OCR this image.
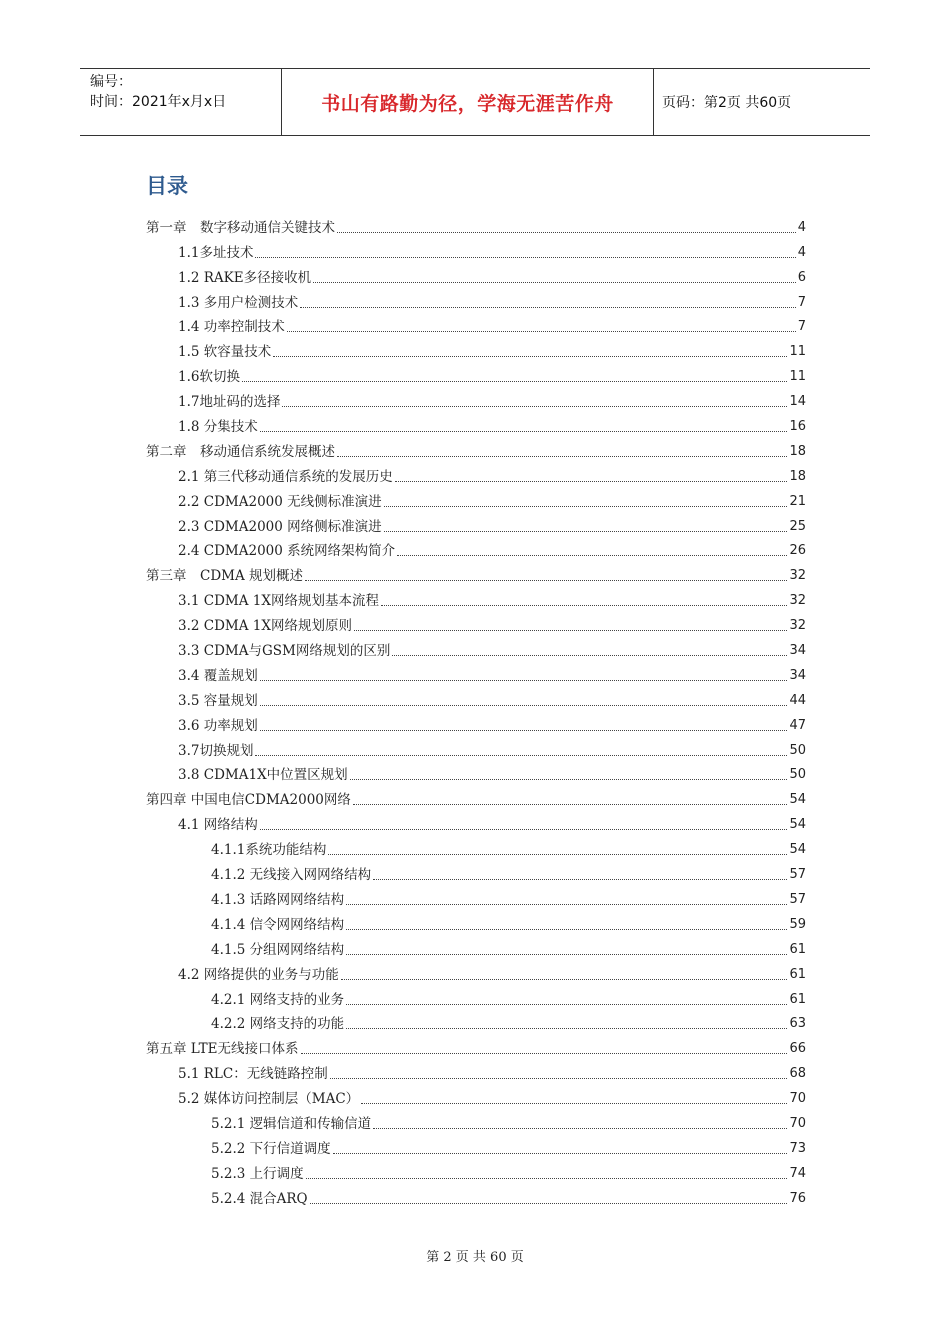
编号：
时间：2021年x月x日	书山有路勤为径，学海无涯苦作舟	页码：第2页 共60页
目录
第一章　数字移动通信关键技术	4
1.1多址技术	4
1.2 RAKE多径接收机	6
1.3 多用户检测技术	7
1.4 功率控制技术	7
1.5 软容量技术	11
1.6软切换	11
1.7地址码的选择	14
1.8 分集技术	16
第二章　移动通信系统发展概述	18
2.1 第三代移动通信系统的发展历史	18
2.2 CDMA2000 无线侧标准演进	21
2.3 CDMA2000 网络侧标准演进	25
2.4 CDMA2000 系统网络架构简介	26
第三章　CDMA 规划概述	32
3.1 CDMA 1X网络规划基本流程	32
3.2 CDMA 1X网络规划原则	32
3.3 CDMA与GSM网络规划的区别	34
3.4 覆盖规划	34
3.5 容量规划	44
3.6 功率规划	47
3.7切换规划	50
3.8 CDMA1X中位置区规划	50
第四章 中国电信CDMA2000网络	54
4.1 网络结构	54
4.1.1系统功能结构	54
4.1.2 无线接入网网络结构	57
4.1.3 话路网网络结构	57
4.1.4 信令网网络结构	59
4.1.5 分组网网络结构	61
4.2 网络提供的业务与功能	61
4.2.1 网络支持的业务	61
4.2.2 网络支持的功能	63
第五章 LTE无线接口体系	66
5.1 RLC：无线链路控制	68
5.2 媒体访问控制层（MAC）	70
5.2.1 逻辑信道和传输信道	70
5.2.2 下行信道调度	73
5.2.3 上行调度	74
5.2.4 混合ARQ	76
第 2 页 共 60 页
